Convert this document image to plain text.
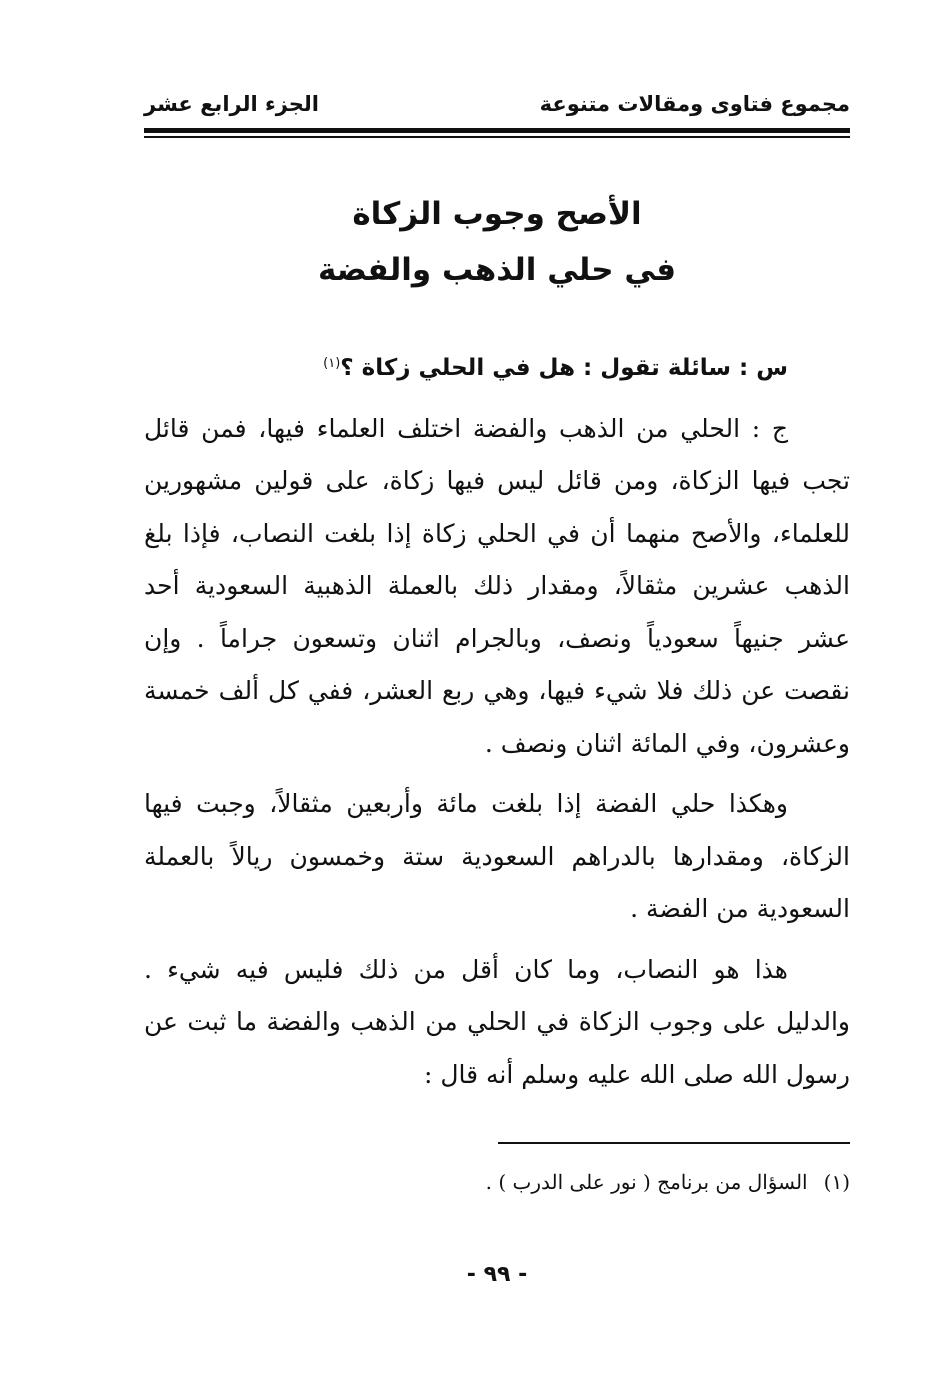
مجموع فتاوى ومقالات متنوعة
الجزء الرابع عشر
الأصح وجوب الزكاة
في حلي الذهب والفضة

س : سائلة تقول : هل في الحلي زكاة ؟$^{(١)}$

ج : الحلي من الذهب والفضة اختلف العلماء فيها، فمن قائل تجب فيها الزكاة، ومن قائل ليس فيها زكاة، على قولين مشهورين للعلماء، والأصح منهما أن في الحلي زكاة إذا بلغت النصاب، فإذا بلغ الذهب عشرين مثقالاً، ومقدار ذلك بالعملة الذهبية السعودية أحد عشر جنيهاً سعودياً ونصف، وبالجرام اثنان وتسعون جراماً . وإن نقصت عن ذلك فلا شيء فيها، وهي ربع العشر، ففي كل ألف خمسة وعشرون، وفي المائة اثنان ونصف .

وهكذا حلي الفضة إذا بلغت مائة وأربعين مثقالاً، وجبت فيها الزكاة، ومقدارها بالدراهم السعودية ستة وخمسون ريالاً بالعملة السعودية من الفضة .

هذا هو النصاب، وما كان أقل من ذلك فليس فيه شيء . والدليل على وجوب الزكاة في الحلي من الذهب والفضة ما ثبت عن رسول الله صلى الله عليه وسلم أنه قال :

(١)السؤال من برنامج ( نور على الدرب ) .
- ٩٩ -
